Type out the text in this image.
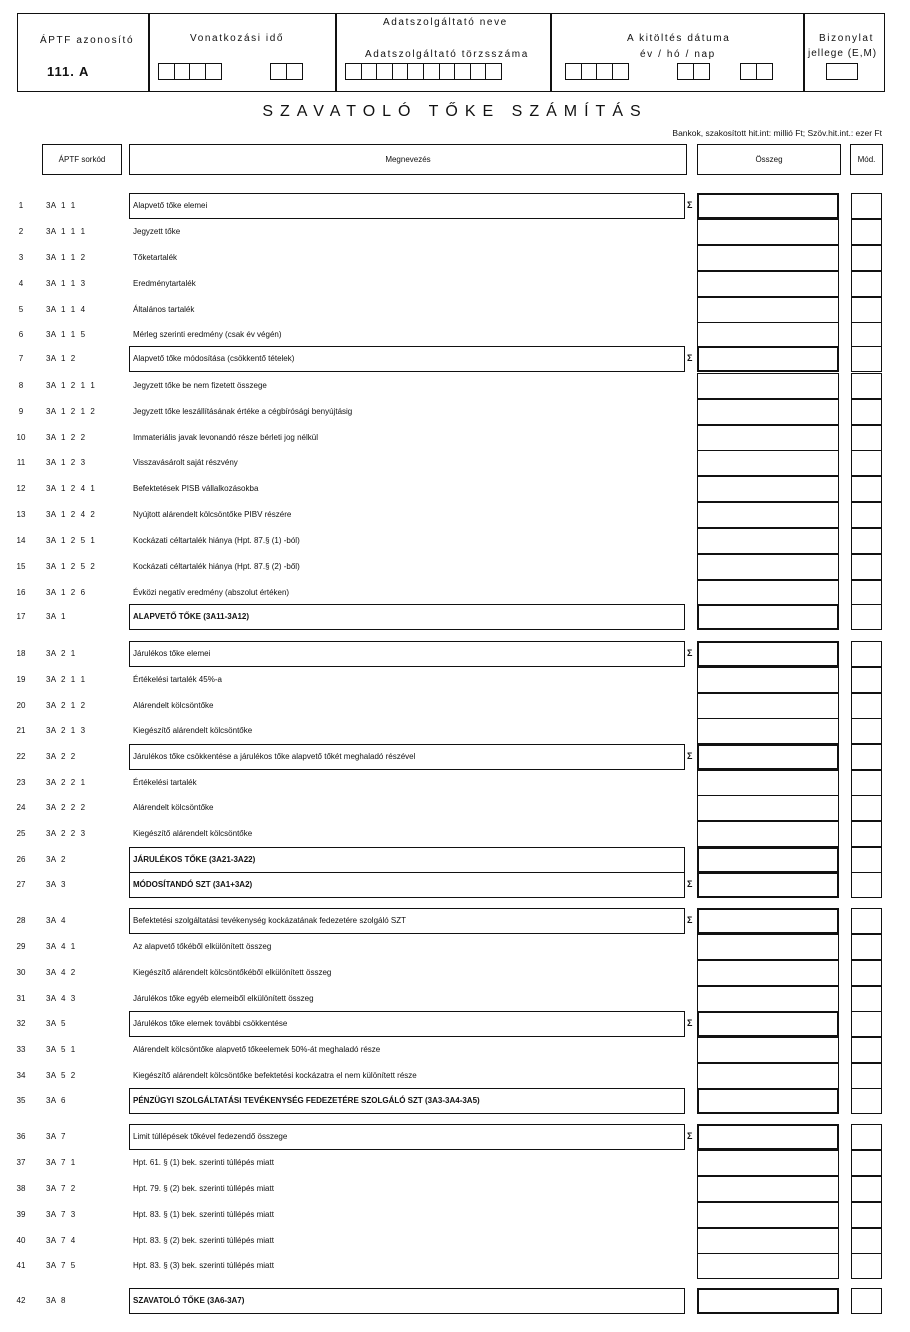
ÁPTF azonosító
111. A
Vonatkozási idő
Adatszolgáltató neve
Adatszolgáltató törzsszáma
A kitöltés dátuma
év / hó / nap
Bizonylat
jellege (E,M)
SZAVATOLÓ TŐKE SZÁMÍTÁS
Bankok, szakosított hit.int: millió Ft; Szöv.hit.int.: ezer Ft
ÁPTF sorkód	Megnevezés	Összeg	Mód.
1	3A  1  1	Alapvető tőke elemei	Σ
2	3A  1  1  1	Jegyzett tőke
3	3A  1  1  2	Tőketartalék
4	3A  1  1  3	Eredménytartalék
5	3A  1  1  4	Általános tartalék
6	3A  1  1  5	Mérleg szerinti eredmény (csak év végén)
7	3A  1  2	Alapvető tőke módosítása (csökkentő tételek)	Σ
8	3A  1  2  1  1	Jegyzett tőke be nem fizetett összege
9	3A  1  2  1  2	Jegyzett tőke leszállításának értéke a cégbírósági benyújtásig
10	3A  1  2  2	Immateriális javak levonandó része bérleti jog nélkül
11	3A  1  2  3	Visszavásárolt saját részvény
12	3A  1  2  4  1	Befektetések PISB vállalkozásokba
13	3A  1  2  4  2	Nyújtott alárendelt kölcsöntőke PIBV részére
14	3A  1  2  5  1	Kockázati céltartalék hiánya (Hpt. 87.§ (1) -ból)
15	3A  1  2  5  2	Kockázati céltartalék hiánya (Hpt. 87.§ (2) -ből)
16	3A  1  2  6	Évközi negatív eredmény (abszolut értéken)
17	3A  1	ALAPVETŐ TŐKE (3A11-3A12)
18	3A  2  1	Járulékos tőke elemei	Σ
19	3A  2  1  1	Értékelési tartalék 45%-a
20	3A  2  1  2	Alárendelt kölcsöntőke
21	3A  2  1  3	Kiegészítő alárendelt kölcsöntőke
22	3A  2  2	Járulékos tőke csökkentése a járulékos tőke alapvető tőkét meghaladó részével	Σ
23	3A  2  2  1	Értékelési tartalék
24	3A  2  2  2	Alárendelt kölcsöntőke
25	3A  2  2  3	Kiegészítő alárendelt kölcsöntőke
26	3A  2	JÁRULÉKOS TŐKE (3A21-3A22)
27	3A  3	MÓDOSÍTANDÓ SZT (3A1+3A2)	Σ
28	3A  4	Befektetési szolgáltatási tevékenység kockázatának fedezetére szolgáló SZT	Σ
29	3A  4  1	Az alapvető tőkéből elkülönített összeg
30	3A  4  2	Kiegészítő alárendelt kölcsöntőkéből elkülönített összeg
31	3A  4  3	Járulékos tőke egyéb elemeiből elkülönített összeg
32	3A  5	Járulékos tőke elemek további csökkentése	Σ
33	3A  5  1	Alárendelt kölcsöntőke alapvető tőkeelemek 50%-át meghaladó része
34	3A  5  2	Kiegészítő alárendelt kölcsöntőke befektetési kockázatra el nem különített része
35	3A  6	PÉNZÜGYI SZOLGÁLTATÁSI TEVÉKENYSÉG FEDEZETÉRE SZOLGÁLÓ SZT (3A3-3A4-3A5)
36	3A  7	Limit túllépések tőkével fedezendő összege	Σ
37	3A  7  1	Hpt. 61. § (1) bek. szerinti túllépés miatt
38	3A  7  2	Hpt. 79. § (2) bek. szerinti túllépés miatt
39	3A  7  3	Hpt. 83. § (1) bek. szerinti túllépés miatt
40	3A  7  4	Hpt. 83. § (2) bek. szerinti túllépés miatt
41	3A  7  5	Hpt. 83. § (3) bek. szerinti túllépés miatt
42	3A  8	SZAVATOLÓ TŐKE (3A6-3A7)
